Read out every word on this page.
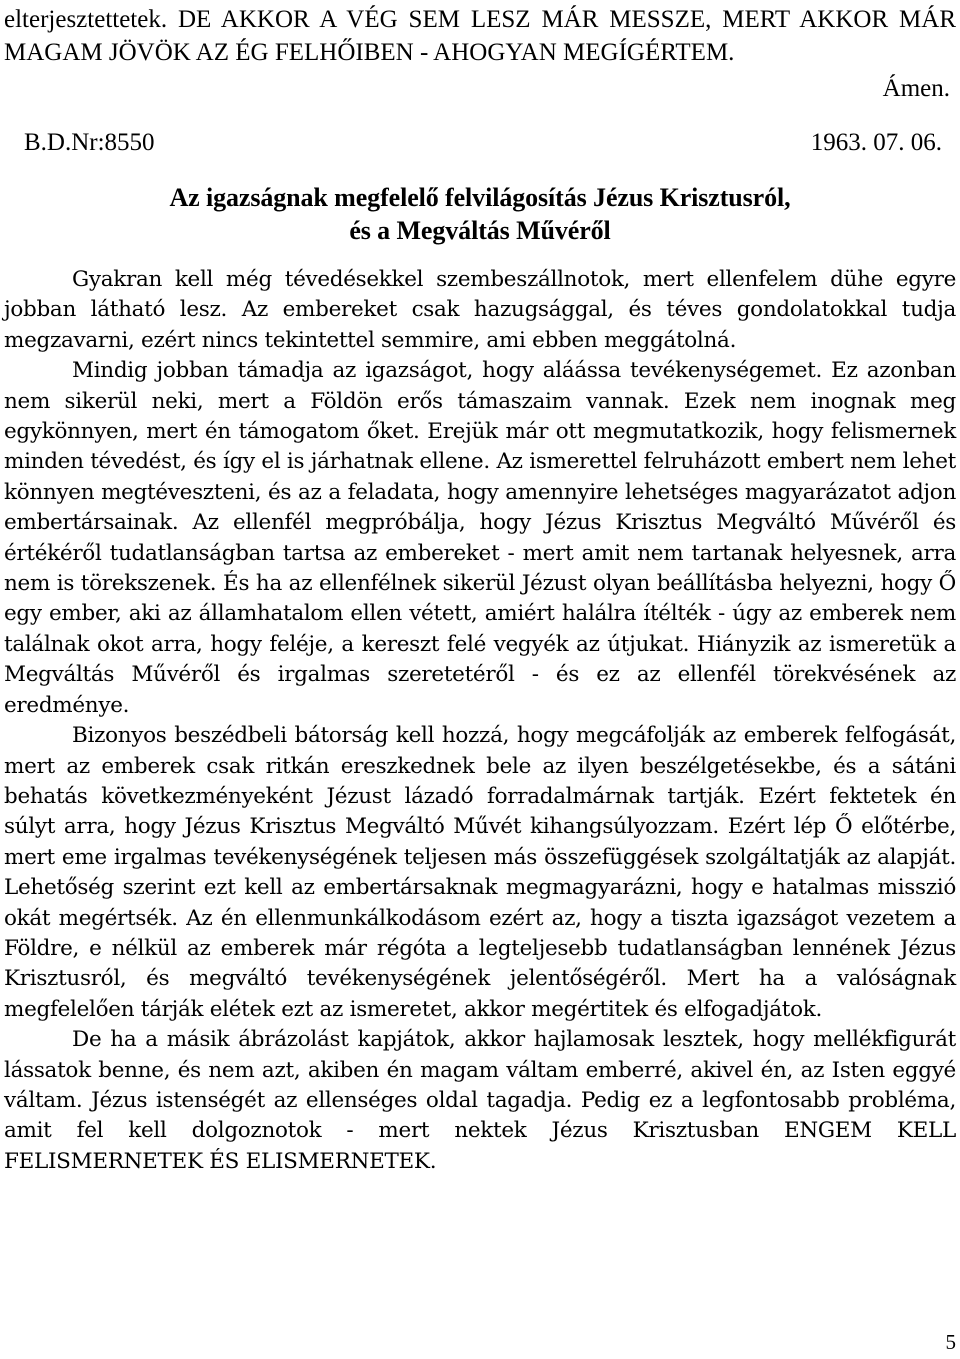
elterjesztettetek. DE AKKOR A VÉG SEM LESZ MÁR MESSZE, MERT AKKOR MÁR MAGAM JÖVÖK AZ ÉG FELHŐIBEN - AHOGYAN MEGÍGÉRTEM.

Ámen.

B.D.Nr:8550	1963. 07. 06.

Az igazságnak megfelelő felvilágosítás Jézus Krisztusról,
és a Megváltás Művéről

Gyakran kell még tévedésekkel szembeszállnotok, mert ellenfelem dühe egyre jobban látható lesz. Az embereket csak hazugsággal, és téves gondolatokkal tudja megzavarni, ezért nincs tekintettel semmire, ami ebben meggátolná.

Mindig jobban támadja az igazságot, hogy aláássa tevékenységemet. Ez azonban nem sikerül neki, mert a Földön erős támaszaim vannak. Ezek nem inognak meg egykönnyen, mert én támogatom őket. Erejük már ott megmutatkozik, hogy felismernek minden tévedést, és így el is járhatnak ellene. Az ismerettel felruházott embert nem lehet könnyen megtéveszteni, és az a feladata, hogy amennyire lehetséges magyarázatot adjon embertársainak. Az ellenfél megpróbálja, hogy Jézus Krisztus Megváltó Művéről és értékéről tudatlanságban tartsa az embereket - mert amit nem tartanak helyesnek, arra nem is törekszenek. És ha az ellenfélnek sikerül Jézust olyan beállításba helyezni, hogy Ő egy ember, aki az államhatalom ellen vétett, amiért halálra ítélték - úgy az emberek nem találnak okot arra, hogy feléje, a kereszt felé vegyék az útjukat. Hiányzik az ismeretük a Megváltás Művéről és irgalmas szeretetéről - és ez az ellenfél törekvésének az eredménye.

Bizonyos beszédbeli bátorság kell hozzá, hogy megcáfolják az emberek felfogását, mert az emberek csak ritkán ereszkednek bele az ilyen beszélgetésekbe, és a sátáni behatás következményeként Jézust lázadó forradalmárnak tartják. Ezért fektetek én súlyt arra, hogy Jézus Krisztus Megváltó Művét kihangsúlyozzam. Ezért lép Ő előtérbe, mert eme irgalmas tevékenységének teljesen más összefüggések szolgáltatják az alapját. Lehetőség szerint ezt kell az embertársaknak megmagyarázni, hogy e hatalmas misszió okát megértsék. Az én ellenmunkálkodásom ezért az, hogy a tiszta igazságot vezetem a Földre, e nélkül az emberek már régóta a legteljesebb tudatlanságban lennének Jézus Krisztusról, és megváltó tevékenységének jelentőségéről. Mert ha a valóságnak megfelelően tárják elétek ezt az ismeretet, akkor megértitek és elfogadjátok.

De ha a másik ábrázolást kapjátok, akkor hajlamosak lesztek, hogy mellékfigurát lássatok benne, és nem azt, akiben én magam váltam emberré, akivel én, az Isten eggyé váltam. Jézus istenségét az ellenséges oldal tagadja. Pedig ez a legfontosabb probléma, amit fel kell dolgoznotok - mert nektek Jézus Krisztusban ENGEM KELL FELISMERNETEK ÉS ELISMERNETEK.

5
